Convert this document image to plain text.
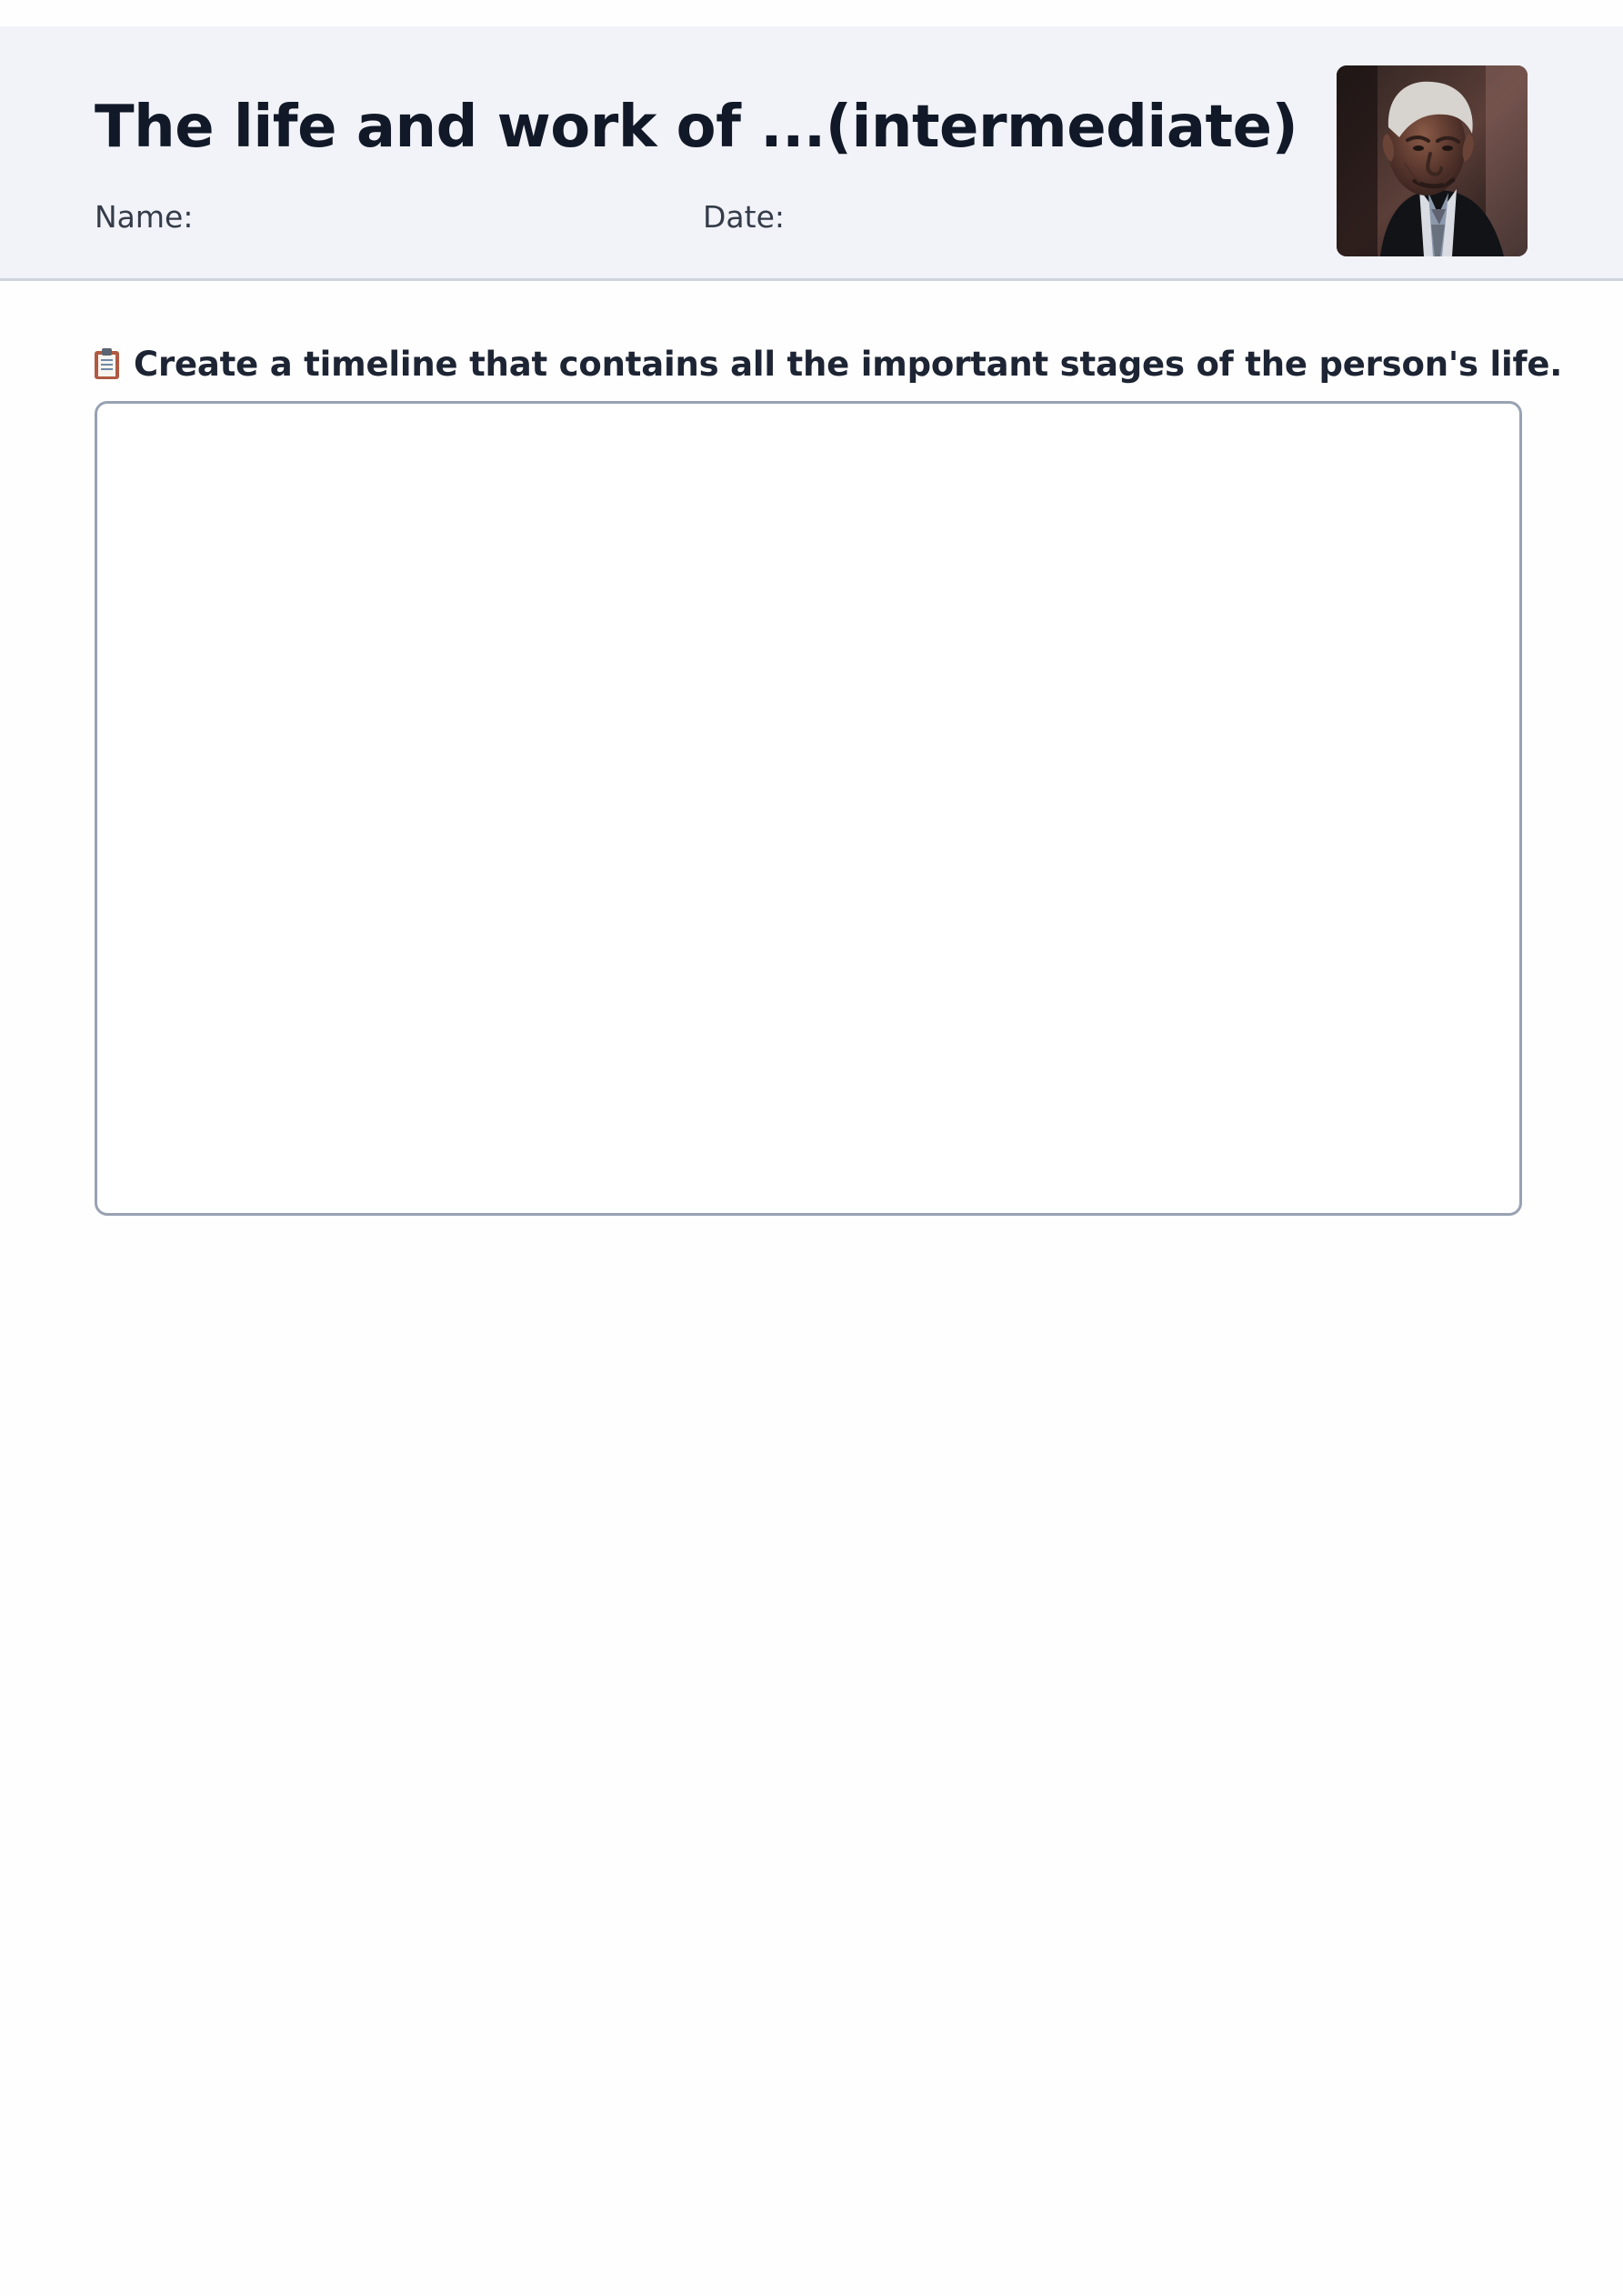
The life and work of ...(intermediate)
Name:	Date:
Create a timeline that contains all the important stages of the person's life.
